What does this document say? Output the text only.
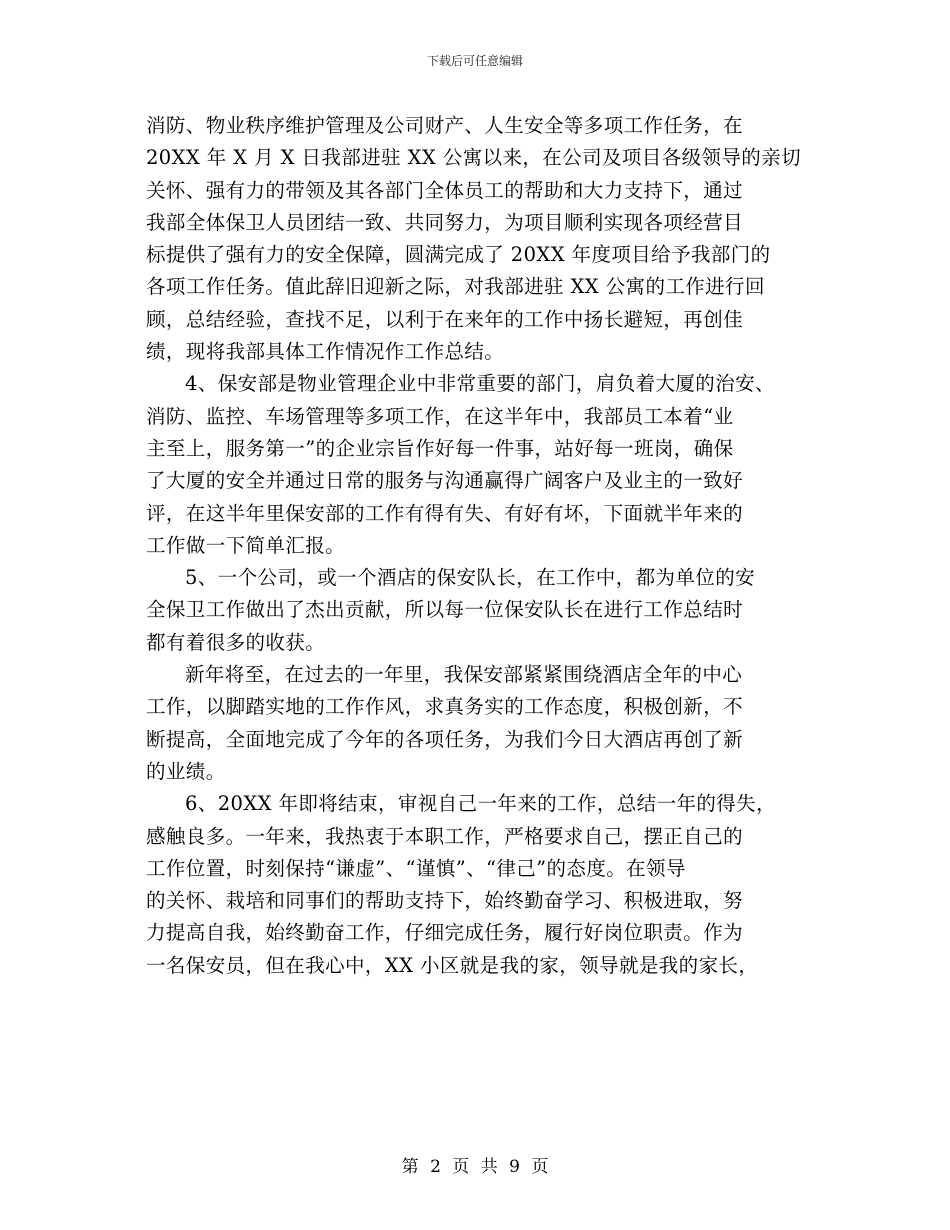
下载后可任意编辑
消防、物业秩序维护管理及公司财产、人生安全等多项工作任务，在
20XX 年 X 月 X 日我部进驻 XX 公寓以来，在公司及项目各级领导的亲切
关怀、强有力的带领及其各部门全体员工的帮助和大力支持下，通过
我部全体保卫人员团结一致、共同努力，为项目顺利实现各项经营目
标提供了强有力的安全保障，圆满完成了 20XX 年度项目给予我部门的
各项工作任务。值此辞旧迎新之际，对我部进驻 XX 公寓的工作进行回
顾，总结经验，查找不足，以利于在来年的工作中扬长避短，再创佳
绩，现将我部具体工作情况作工作总结。
4、保安部是物业管理企业中非常重要的部门，肩负着大厦的治安、
消防、监控、车场管理等多项工作，在这半年中，我部员工本着“业
主至上，服务第一”的企业宗旨作好每一件事，站好每一班岗，确保
了大厦的安全并通过日常的服务与沟通赢得广阔客户及业主的一致好
评，在这半年里保安部的工作有得有失、有好有坏，下面就半年来的
工作做一下简单汇报。
5、一个公司，或一个酒店的保安队长，在工作中，都为单位的安
全保卫工作做出了杰出贡献，所以每一位保安队长在进行工作总结时
都有着很多的收获。
新年将至，在过去的一年里，我保安部紧紧围绕酒店全年的中心
工作，以脚踏实地的工作作风，求真务实的工作态度，积极创新，不
断提高，全面地完成了今年的各项任务，为我们今日大酒店再创了新
的业绩。
6、20XX 年即将结束，审视自己一年来的工作，总结一年的得失，
感触良多。一年来，我热衷于本职工作，严格要求自己，摆正自己的
工作位置，时刻保持“谦虚”、“谨慎”、“律己”的态度。在领导
的关怀、栽培和同事们的帮助支持下，始终勤奋学习、积极进取，努
力提高自我，始终勤奋工作，仔细完成任务，履行好岗位职责。作为
一名保安员，但在我心中，XX 小区就是我的家，领导就是我的家长，
第 2 页 共 9 页
